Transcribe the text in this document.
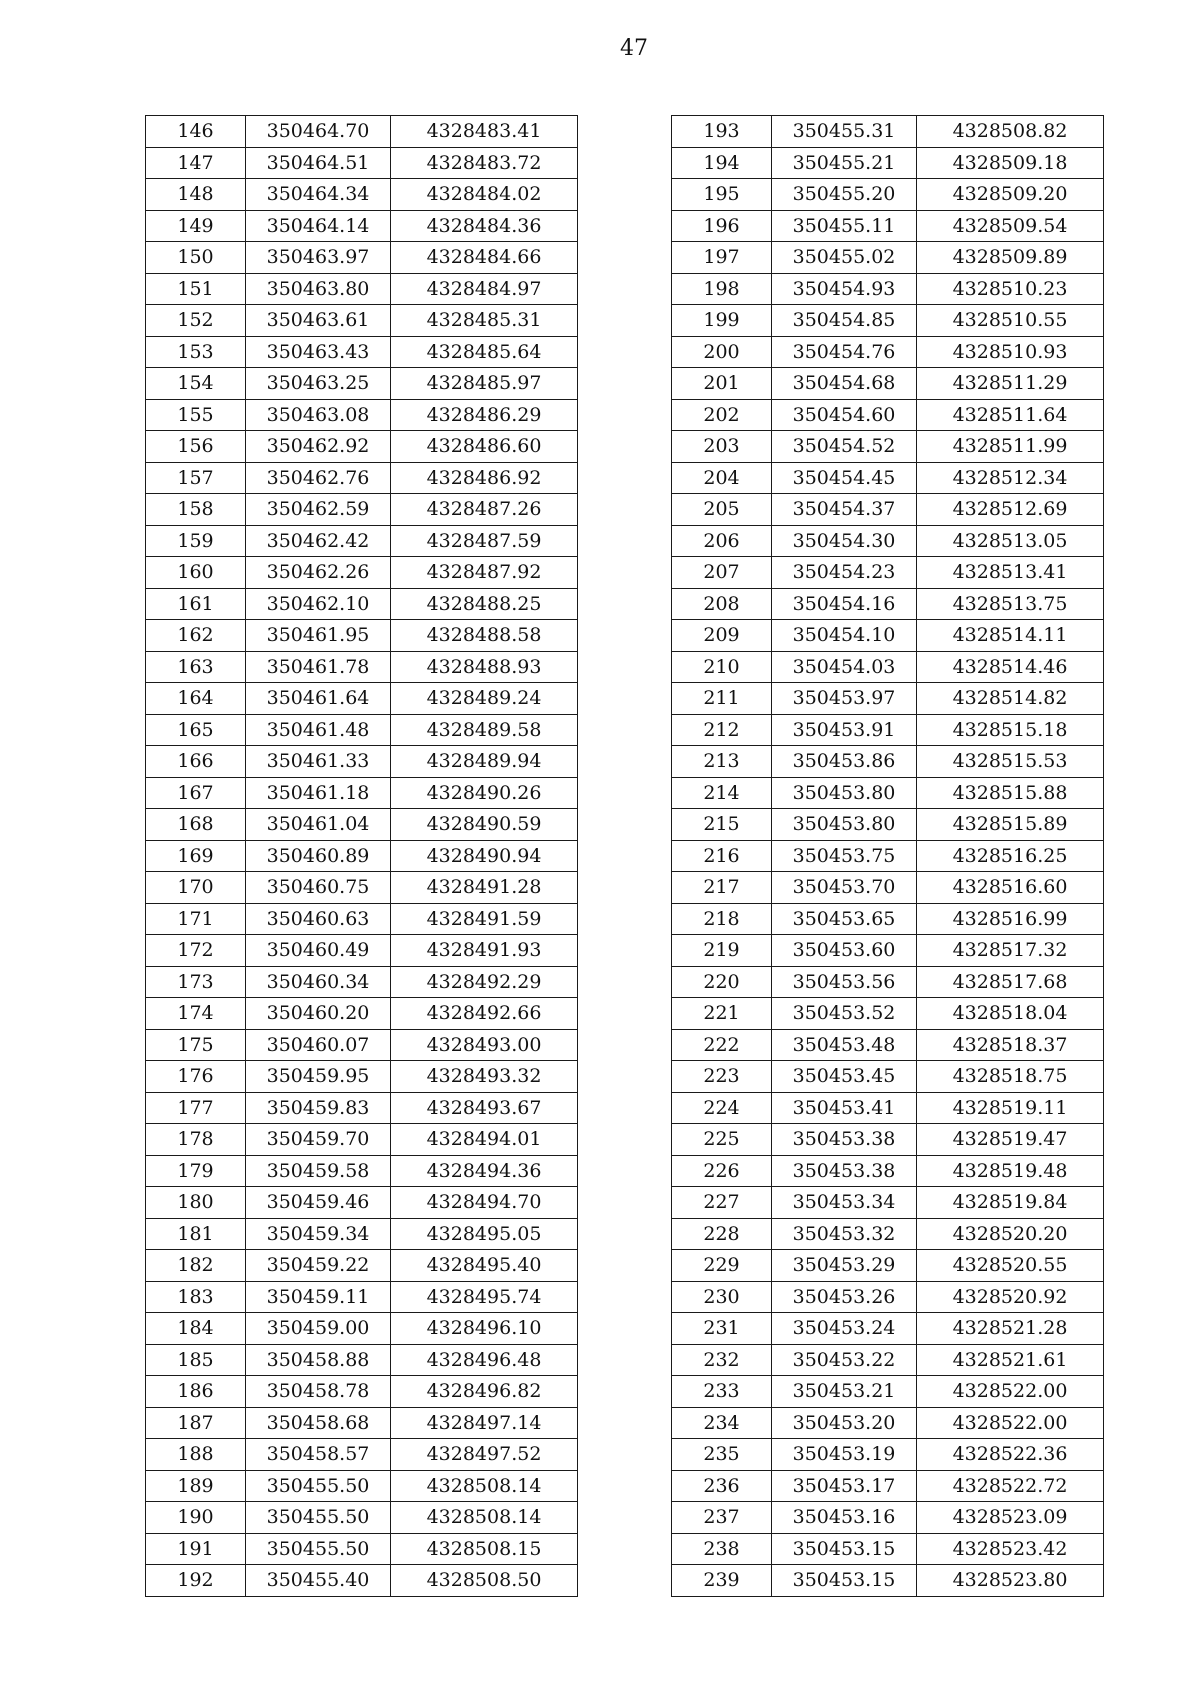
47
146	350464.70	4328483.41
147	350464.51	4328483.72
148	350464.34	4328484.02
149	350464.14	4328484.36
150	350463.97	4328484.66
151	350463.80	4328484.97
152	350463.61	4328485.31
153	350463.43	4328485.64
154	350463.25	4328485.97
155	350463.08	4328486.29
156	350462.92	4328486.60
157	350462.76	4328486.92
158	350462.59	4328487.26
159	350462.42	4328487.59
160	350462.26	4328487.92
161	350462.10	4328488.25
162	350461.95	4328488.58
163	350461.78	4328488.93
164	350461.64	4328489.24
165	350461.48	4328489.58
166	350461.33	4328489.94
167	350461.18	4328490.26
168	350461.04	4328490.59
169	350460.89	4328490.94
170	350460.75	4328491.28
171	350460.63	4328491.59
172	350460.49	4328491.93
173	350460.34	4328492.29
174	350460.20	4328492.66
175	350460.07	4328493.00
176	350459.95	4328493.32
177	350459.83	4328493.67
178	350459.70	4328494.01
179	350459.58	4328494.36
180	350459.46	4328494.70
181	350459.34	4328495.05
182	350459.22	4328495.40
183	350459.11	4328495.74
184	350459.00	4328496.10
185	350458.88	4328496.48
186	350458.78	4328496.82
187	350458.68	4328497.14
188	350458.57	4328497.52
189	350455.50	4328508.14
190	350455.50	4328508.14
191	350455.50	4328508.15
192	350455.40	4328508.50
193	350455.31	4328508.82
194	350455.21	4328509.18
195	350455.20	4328509.20
196	350455.11	4328509.54
197	350455.02	4328509.89
198	350454.93	4328510.23
199	350454.85	4328510.55
200	350454.76	4328510.93
201	350454.68	4328511.29
202	350454.60	4328511.64
203	350454.52	4328511.99
204	350454.45	4328512.34
205	350454.37	4328512.69
206	350454.30	4328513.05
207	350454.23	4328513.41
208	350454.16	4328513.75
209	350454.10	4328514.11
210	350454.03	4328514.46
211	350453.97	4328514.82
212	350453.91	4328515.18
213	350453.86	4328515.53
214	350453.80	4328515.88
215	350453.80	4328515.89
216	350453.75	4328516.25
217	350453.70	4328516.60
218	350453.65	4328516.99
219	350453.60	4328517.32
220	350453.56	4328517.68
221	350453.52	4328518.04
222	350453.48	4328518.37
223	350453.45	4328518.75
224	350453.41	4328519.11
225	350453.38	4328519.47
226	350453.38	4328519.48
227	350453.34	4328519.84
228	350453.32	4328520.20
229	350453.29	4328520.55
230	350453.26	4328520.92
231	350453.24	4328521.28
232	350453.22	4328521.61
233	350453.21	4328522.00
234	350453.20	4328522.00
235	350453.19	4328522.36
236	350453.17	4328522.72
237	350453.16	4328523.09
238	350453.15	4328523.42
239	350453.15	4328523.80
